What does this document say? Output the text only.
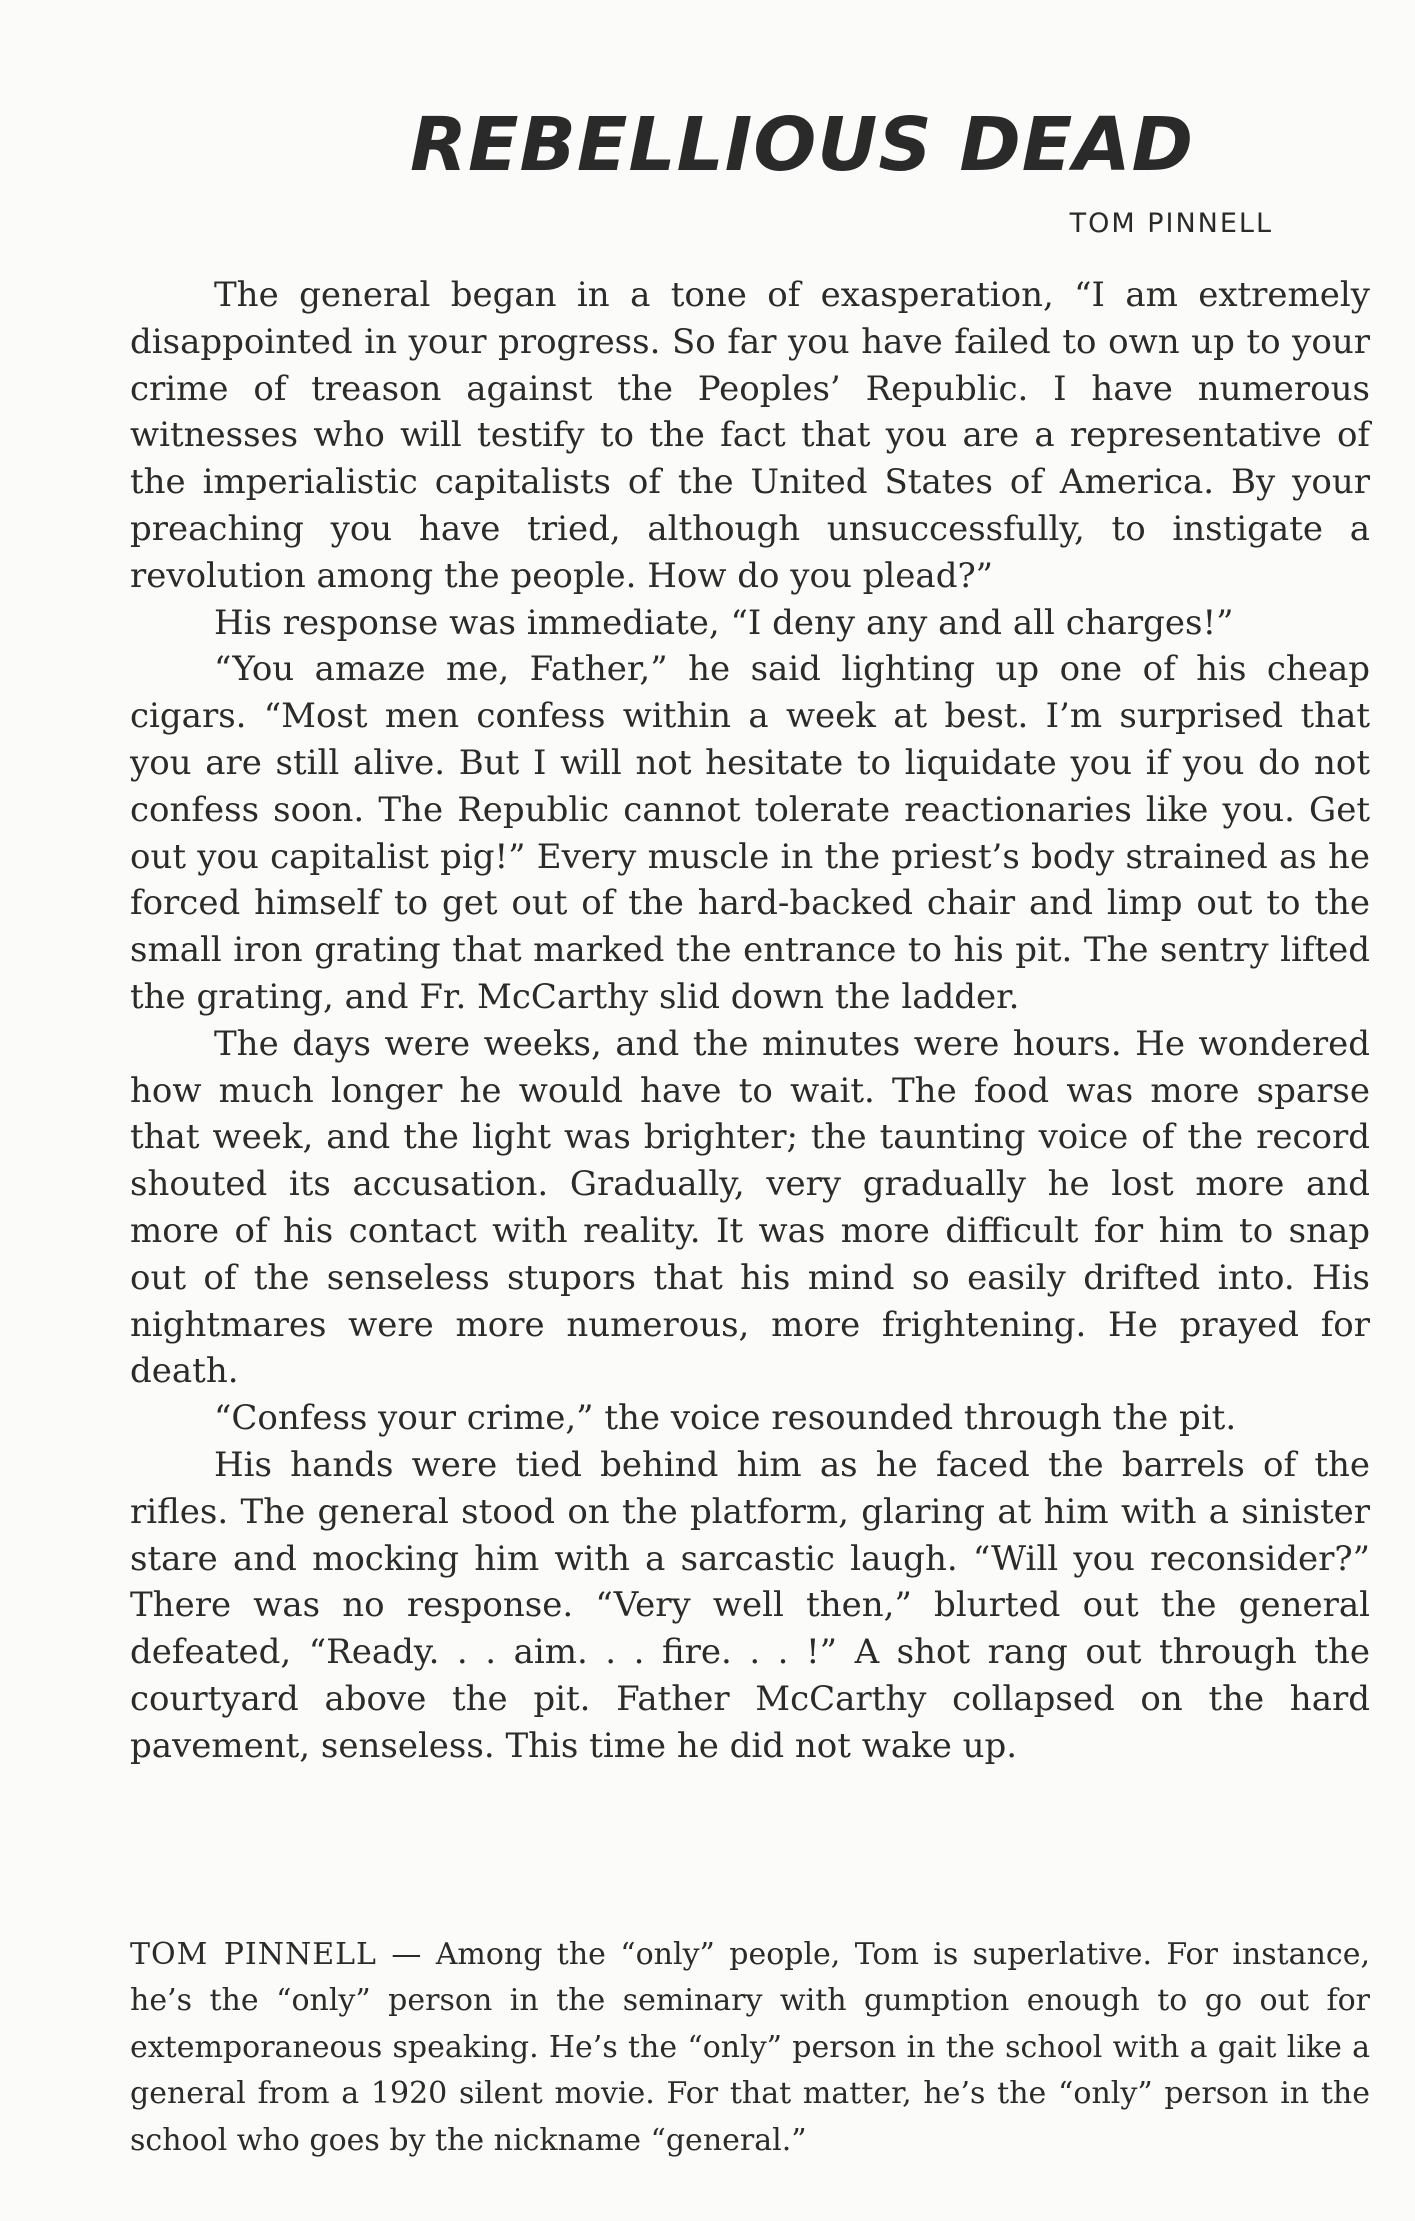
REBELLIOUS DEAD
TOM PINNELL

The general began in a tone of exasperation, “I am extremely disappointed in your progress. So far you have failed to own up to your crime of treason against the Peoples’ Republic. I have numerous witnesses who will testify to the fact that you are a representative of the imperialistic capitalists of the United States of America. By your preaching you have tried, although unsuccessfully, to instigate a revolution among the people. How do you plead?”

His response was immediate, “I deny any and all charges!”

“You amaze me, Father,” he said lighting up one of his cheap cigars. “Most men confess within a week at best. I’m surprised that you are still alive. But I will not hesitate to liquidate you if you do not confess soon. The Republic cannot tolerate reactionaries like you. Get out you capitalist pig!” Every muscle in the priest’s body strained as he forced himself to get out of the hard-backed chair and limp out to the small iron grating that marked the entrance to his pit. The sentry lifted the grating, and Fr. McCarthy slid down the ladder.

The days were weeks, and the minutes were hours. He wondered how much longer he would have to wait. The food was more sparse that week, and the light was brighter; the taunting voice of the record shouted its accusation. Gradually, very gradually he lost more and more of his contact with reality. It was more difficult for him to snap out of the senseless stupors that his mind so easily drifted into. His nightmares were more numerous, more frightening. He prayed for death.

“Confess your crime,” the voice resounded through the pit.

His hands were tied behind him as he faced the barrels of the rifles. The general stood on the platform, glaring at him with a sinister stare and mocking him with a sarcastic laugh. “Will you reconsider?” There was no response. “Very well then,” blurted out the general defeated, “Ready. . . aim. . . fire. . . !” A shot rang out through the courtyard above the pit. Father McCarthy collapsed on the hard pavement, senseless. This time he did not wake up.

TOM PINNELL — Among the “only” people, Tom is superlative. For instance, he’s the “only” person in the seminary with gumption enough to go out for extemporaneous speaking. He’s the “only” person in the school with a gait like a general from a 1920 silent movie. For that matter, he’s the “only” person in the school who goes by the nickname “general.”
